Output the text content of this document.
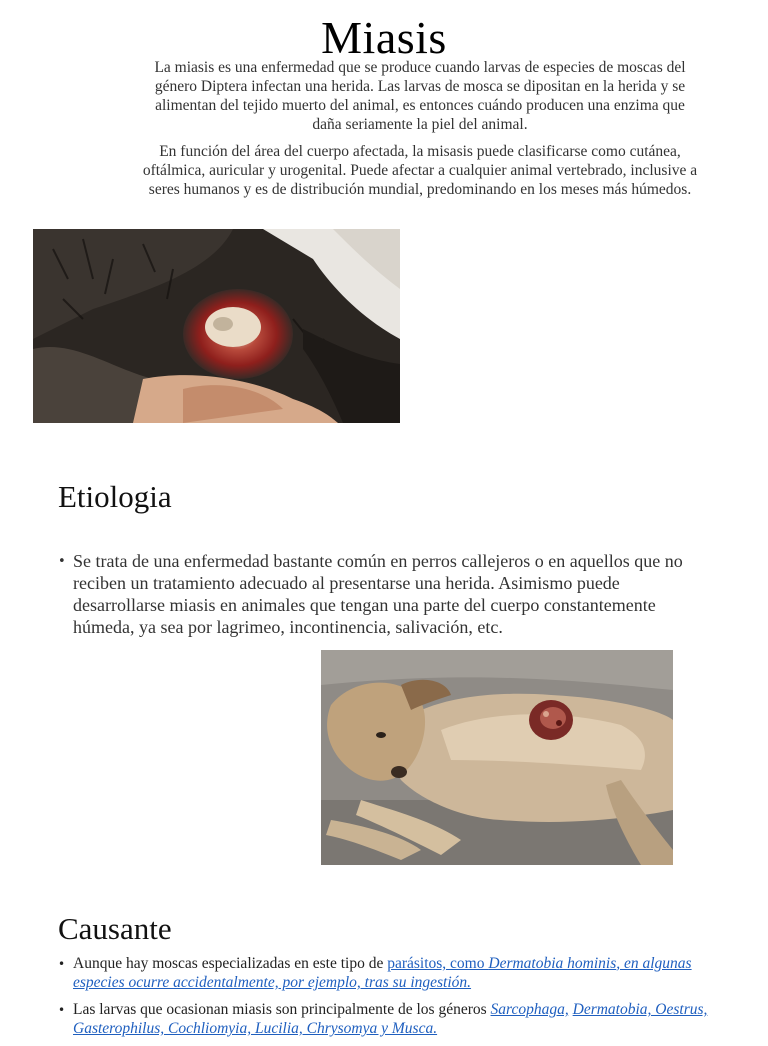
Miasis

La miasis es una enfermedad que se produce cuando larvas de especies de moscas del género Diptera infectan una herida. Las larvas de mosca se dipositan en la herida y se alimentan del tejido muerto del animal, es entonces cuándo producen una enzima que daña seriamente la piel del animal.

En función del área del cuerpo afectada, la misasis puede clasificarse como cutánea, oftálmica, auricular y urogenital. Puede afectar a cualquier animal vertebrado, inclusive a seres humanos y es de distribución mundial, predominando en los meses más húmedos.

Etiologia
• Se trata de una enfermedad bastante común en perros callejeros o en aquellos que no reciben un tratamiento adecuado al presentarse una herida. Asimismo puede desarrollarse miasis en animales que tengan una parte del cuerpo constantemente húmeda, ya sea por lagrimeo, incontinencia, salivación, etc.
Causante
• Aunque hay moscas especializadas en este tipo de parásitos, como Dermatobia hominis, en algunas especies ocurre accidentalmente, por ejemplo, tras su ingestión.
• Las larvas que ocasionan miasis son principalmente de los géneros Sarcophaga, Dermatobia, Oestrus, Gasterophilus, Cochliomyia, Lucilia, Chrysomya y Musca.
